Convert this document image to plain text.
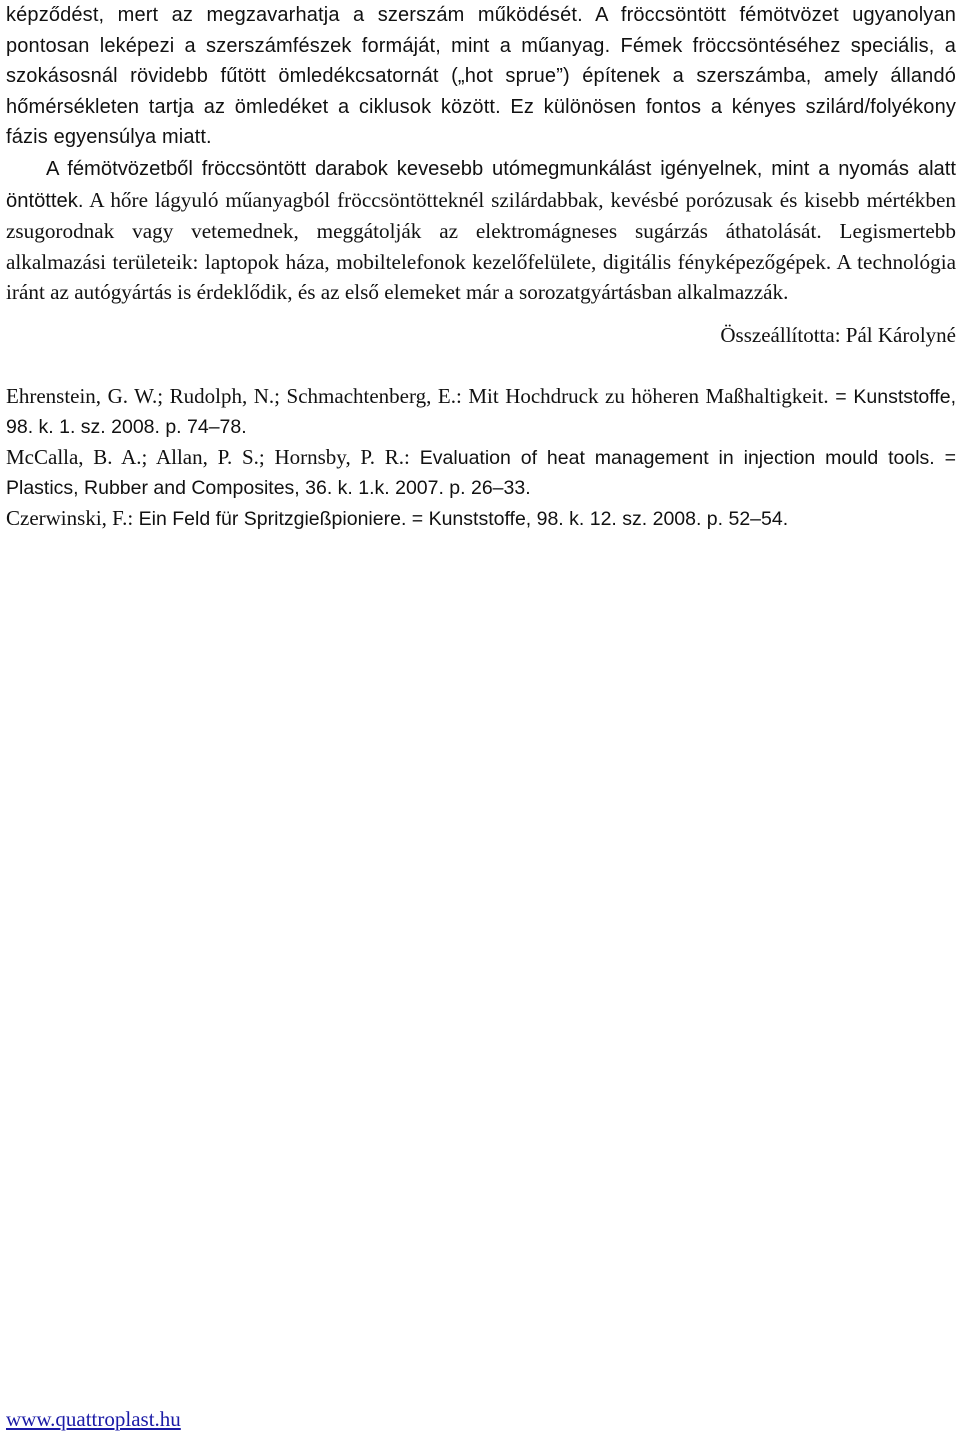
képződést, mert az megzavarhatja a szerszám működését. A fröccsöntött fémötvözet ugyanolyan pontosan leképezi a szerszámfészek formáját, mint a műanyag. Fémek fröccsöntéséhez speciális, a szokásosnál rövidebb fűtött ömledékcsatornát („hot sprue”) építenek a szerszámba, amely állandó hőmérsékleten tartja az ömledéket a ciklusok között. Ez különösen fontos a kényes szilárd/folyékony fázis egyensúlya miatt.

A fémötvözetből fröccsöntött darabok kevesebb utómegmunkálást igényelnek, mint a nyomás alatt öntöttek. A hőre lágyuló műanyagból fröccsöntötteknél szilárdabbak, kevésbé porózusak és kisebb mértékben zsugorodnak vagy vetemednek, meggátolják az elektromágneses sugárzás áthatolását. Legismertebb alkalmazási területeik: laptopok háza, mobiltelefonok kezelőfelülete, digitális fényképezőgépek. A technológia iránt az autógyártás is érdeklődik, és az első elemeket már a sorozatgyártásban alkalmazzák.

Összeállította: Pál Károlyné

Ehrenstein, G. W.; Rudolph, N.; Schmachtenberg, E.: Mit Hochdruck zu höheren Maßhaltigkeit. = Kunststoffe, 98. k. 1. sz. 2008. p. 74–78.

McCalla, B. A.; Allan, P. S.; Hornsby, P. R.: Evaluation of heat management in injection mould tools. = Plastics, Rubber and Composites, 36. k. 1.k. 2007. p. 26–33.

Czerwinski, F.: Ein Feld für Spritzgießpioniere. = Kunststoffe, 98. k. 12. sz. 2008. p. 52–54.

www.quattroplast.hu
